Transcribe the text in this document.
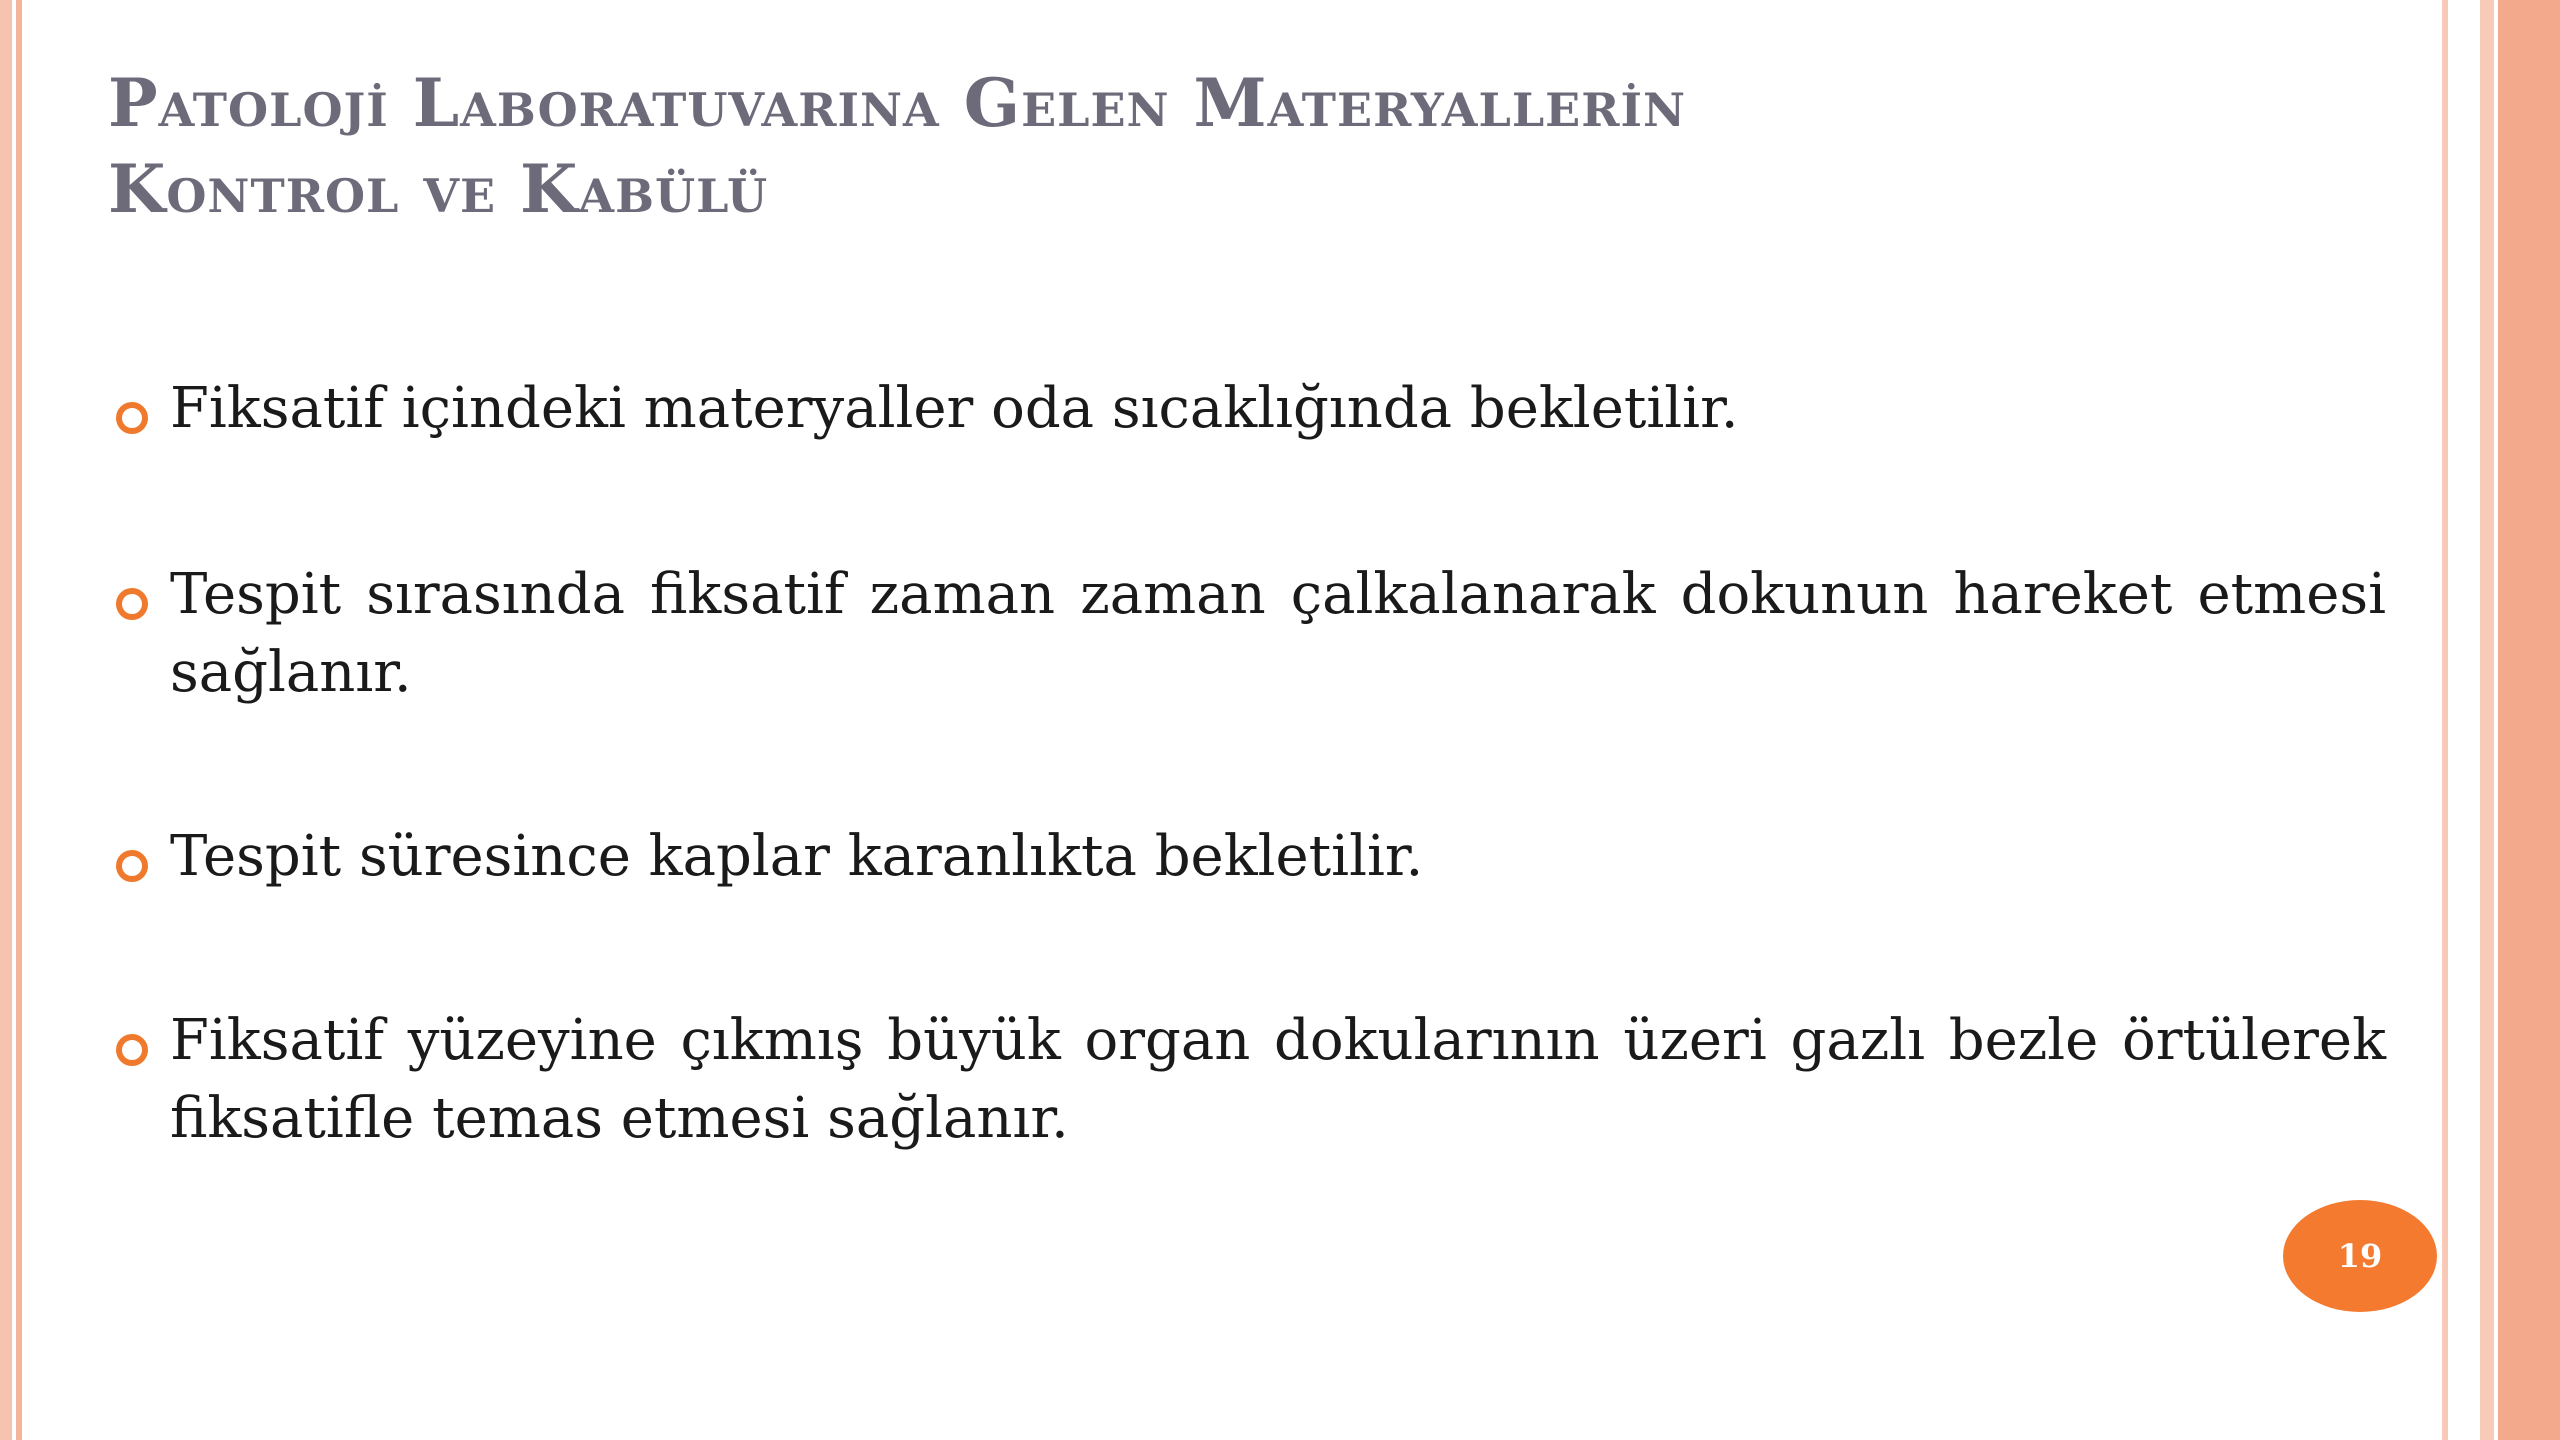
Patoloji̇ Laboratuvarina Gelen Materyalleri̇n
Kontrol ve Kabülü
Fiksatif içindeki materyaller oda sıcaklığında bekletilir.
Tespit sırasında fiksatif zaman zaman çalkalanarak dokunun hareket etmesi sağlanır.
Tespit süresince kaplar karanlıkta bekletilir.
Fiksatif yüzeyine çıkmış büyük organ dokularının üzeri gazlı bezle örtülerek fiksatifle temas etmesi sağlanır.
19
